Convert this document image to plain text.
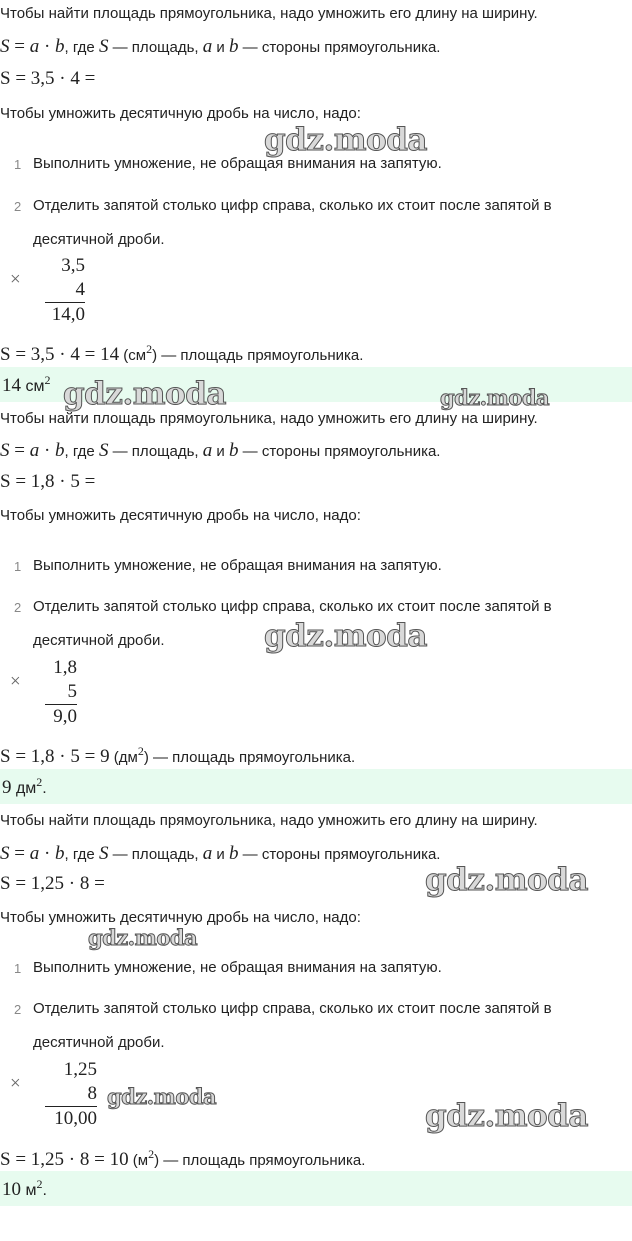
Чтобы найти площадь прямоугольника, надо умножить его длину на ширину.
S = a · b, где S — площадь, a и b — стороны прямоугольника.
S = 3,5 · 4 =
Чтобы умножить десятичную дробь на число, надо:
1 Выполнить умножение, не обращая внимания на запятую.
2 Отделить запятой столько цифр справа, сколько их стоит после запятой в
десятичной дроби.
×
3,5
4
14,0
S = 3,5 · 4 = 14 $(см^2)$ — площадь прямоугольника.
14 $см^2$
Чтобы найти площадь прямоугольника, надо умножить его длину на ширину.
S = a · b, где S — площадь, a и b — стороны прямоугольника.
S = 1,8 · 5 =
Чтобы умножить десятичную дробь на число, надо:
1 Выполнить умножение, не обращая внимания на запятую.
2 Отделить запятой столько цифр справа, сколько их стоит после запятой в
десятичной дроби.
×
1,8
5
9,0
S = 1,8 · 5 = 9 $(дм^2)$ — площадь прямоугольника.
9 $дм^2$.
Чтобы найти площадь прямоугольника, надо умножить его длину на ширину.
S = a · b, где S — площадь, a и b — стороны прямоугольника.
S = 1,25 · 8 =
Чтобы умножить десятичную дробь на число, надо:
1 Выполнить умножение, не обращая внимания на запятую.
2 Отделить запятой столько цифр справа, сколько их стоит после запятой в
десятичной дроби.
×
1,25
8
10,00
S = 1,25 · 8 = 10 $(м^2)$ — площадь прямоугольника.
10 $м^2$.
gdz.moda
gdz.moda	gdz.moda
gdz.moda
gdz.moda
gdz.moda
gdz.moda
gdz.moda
